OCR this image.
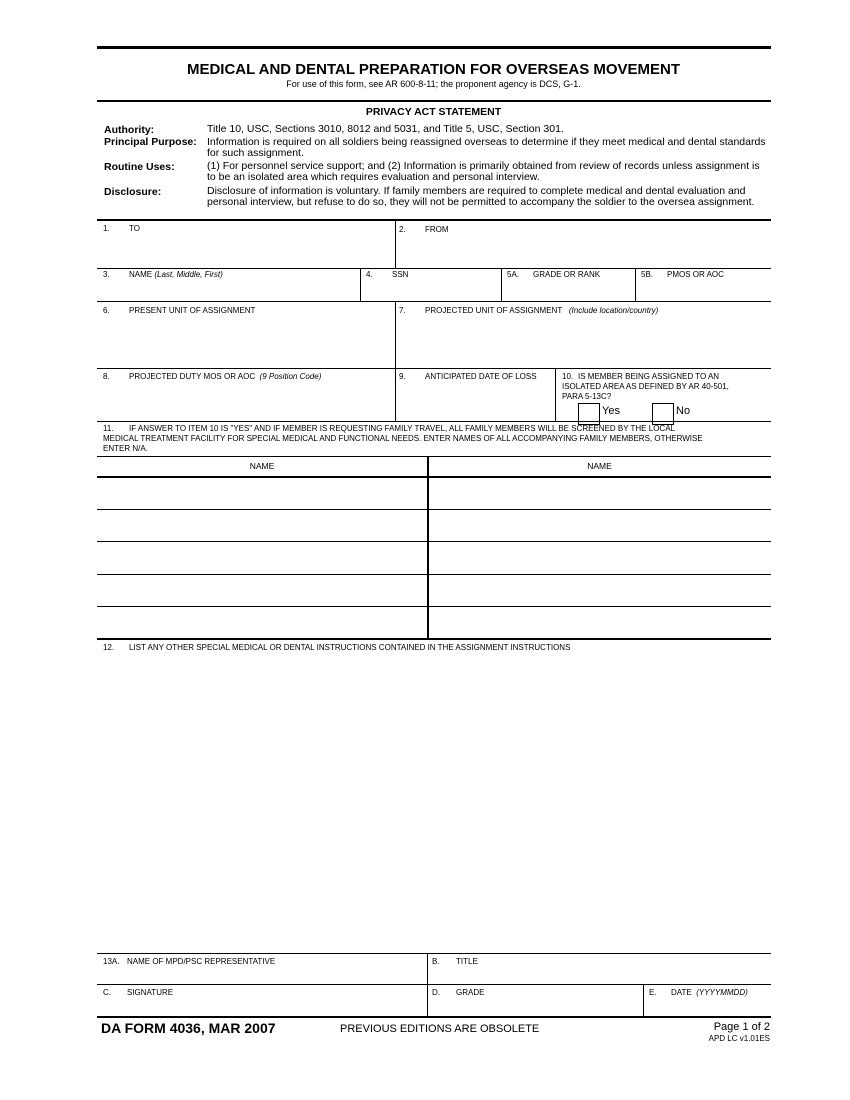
MEDICAL AND DENTAL PREPARATION FOR OVERSEAS MOVEMENT
For use of this form, see AR 600-8-11; the proponent agency is DCS, G-1.
PRIVACY ACT STATEMENT
Authority:	Title 10, USC, Sections 3010, 8012 and 5031, and Title 5, USC, Section 301.
Principal Purpose: Information is required on all soldiers being reassigned overseas to determine if they meet medical and dental standards for such assignment.
Routine Uses:	(1) For personnel service support; and (2) Information is primarily obtained from review of records unless assignment is to be an isolated area which requires evaluation and personal interview.
Disclosure:	Disclosure of information is voluntary. If family members are required to complete medical and dental evaluation and personal interview, but refuse to do so, they will not be permitted to accompany the soldier to the oversea assignment.
1. TO	2. FROM
3. NAME (Last, Middle, First)	4. SSN	5A. GRADE OR RANK	5B. PMOS OR AOC
6. PRESENT UNIT OF ASSIGNMENT	7. PROJECTED UNIT OF ASSIGNMENT (Include location/country)
8. PROJECTED DUTY MOS OR AOC (9 Position Code)	9. ANTICIPATED DATE OF LOSS	10. IS MEMBER BEING ASSIGNED TO AN
ISOLATED AREA AS DEFINED BY AR 40-501,
PARA 5-13C?
Yes	No
11. IF ANSWER TO ITEM 10 IS "YES" AND IF MEMBER IS REQUESTING FAMILY TRAVEL, ALL FAMILY MEMBERS WILL BE SCREENED BY THE LOCAL
MEDICAL TREATMENT FACILITY FOR SPECIAL MEDICAL AND FUNCTIONAL NEEDS. ENTER NAMES OF ALL ACCOMPANYING FAMILY MEMBERS, OTHERWISE
ENTER N/A.
NAME	NAME
12. LIST ANY OTHER SPECIAL MEDICAL OR DENTAL INSTRUCTIONS CONTAINED IN THE ASSIGNMENT INSTRUCTIONS
13A. NAME OF MPD/PSC REPRESENTATIVE	B. TITLE
C. SIGNATURE	D. GRADE	E. DATE (YYYYMMDD)
DA FORM 4036, MAR 2007	PREVIOUS EDITIONS ARE OBSOLETE	Page 1 of 2
APD LC v1.01ES
